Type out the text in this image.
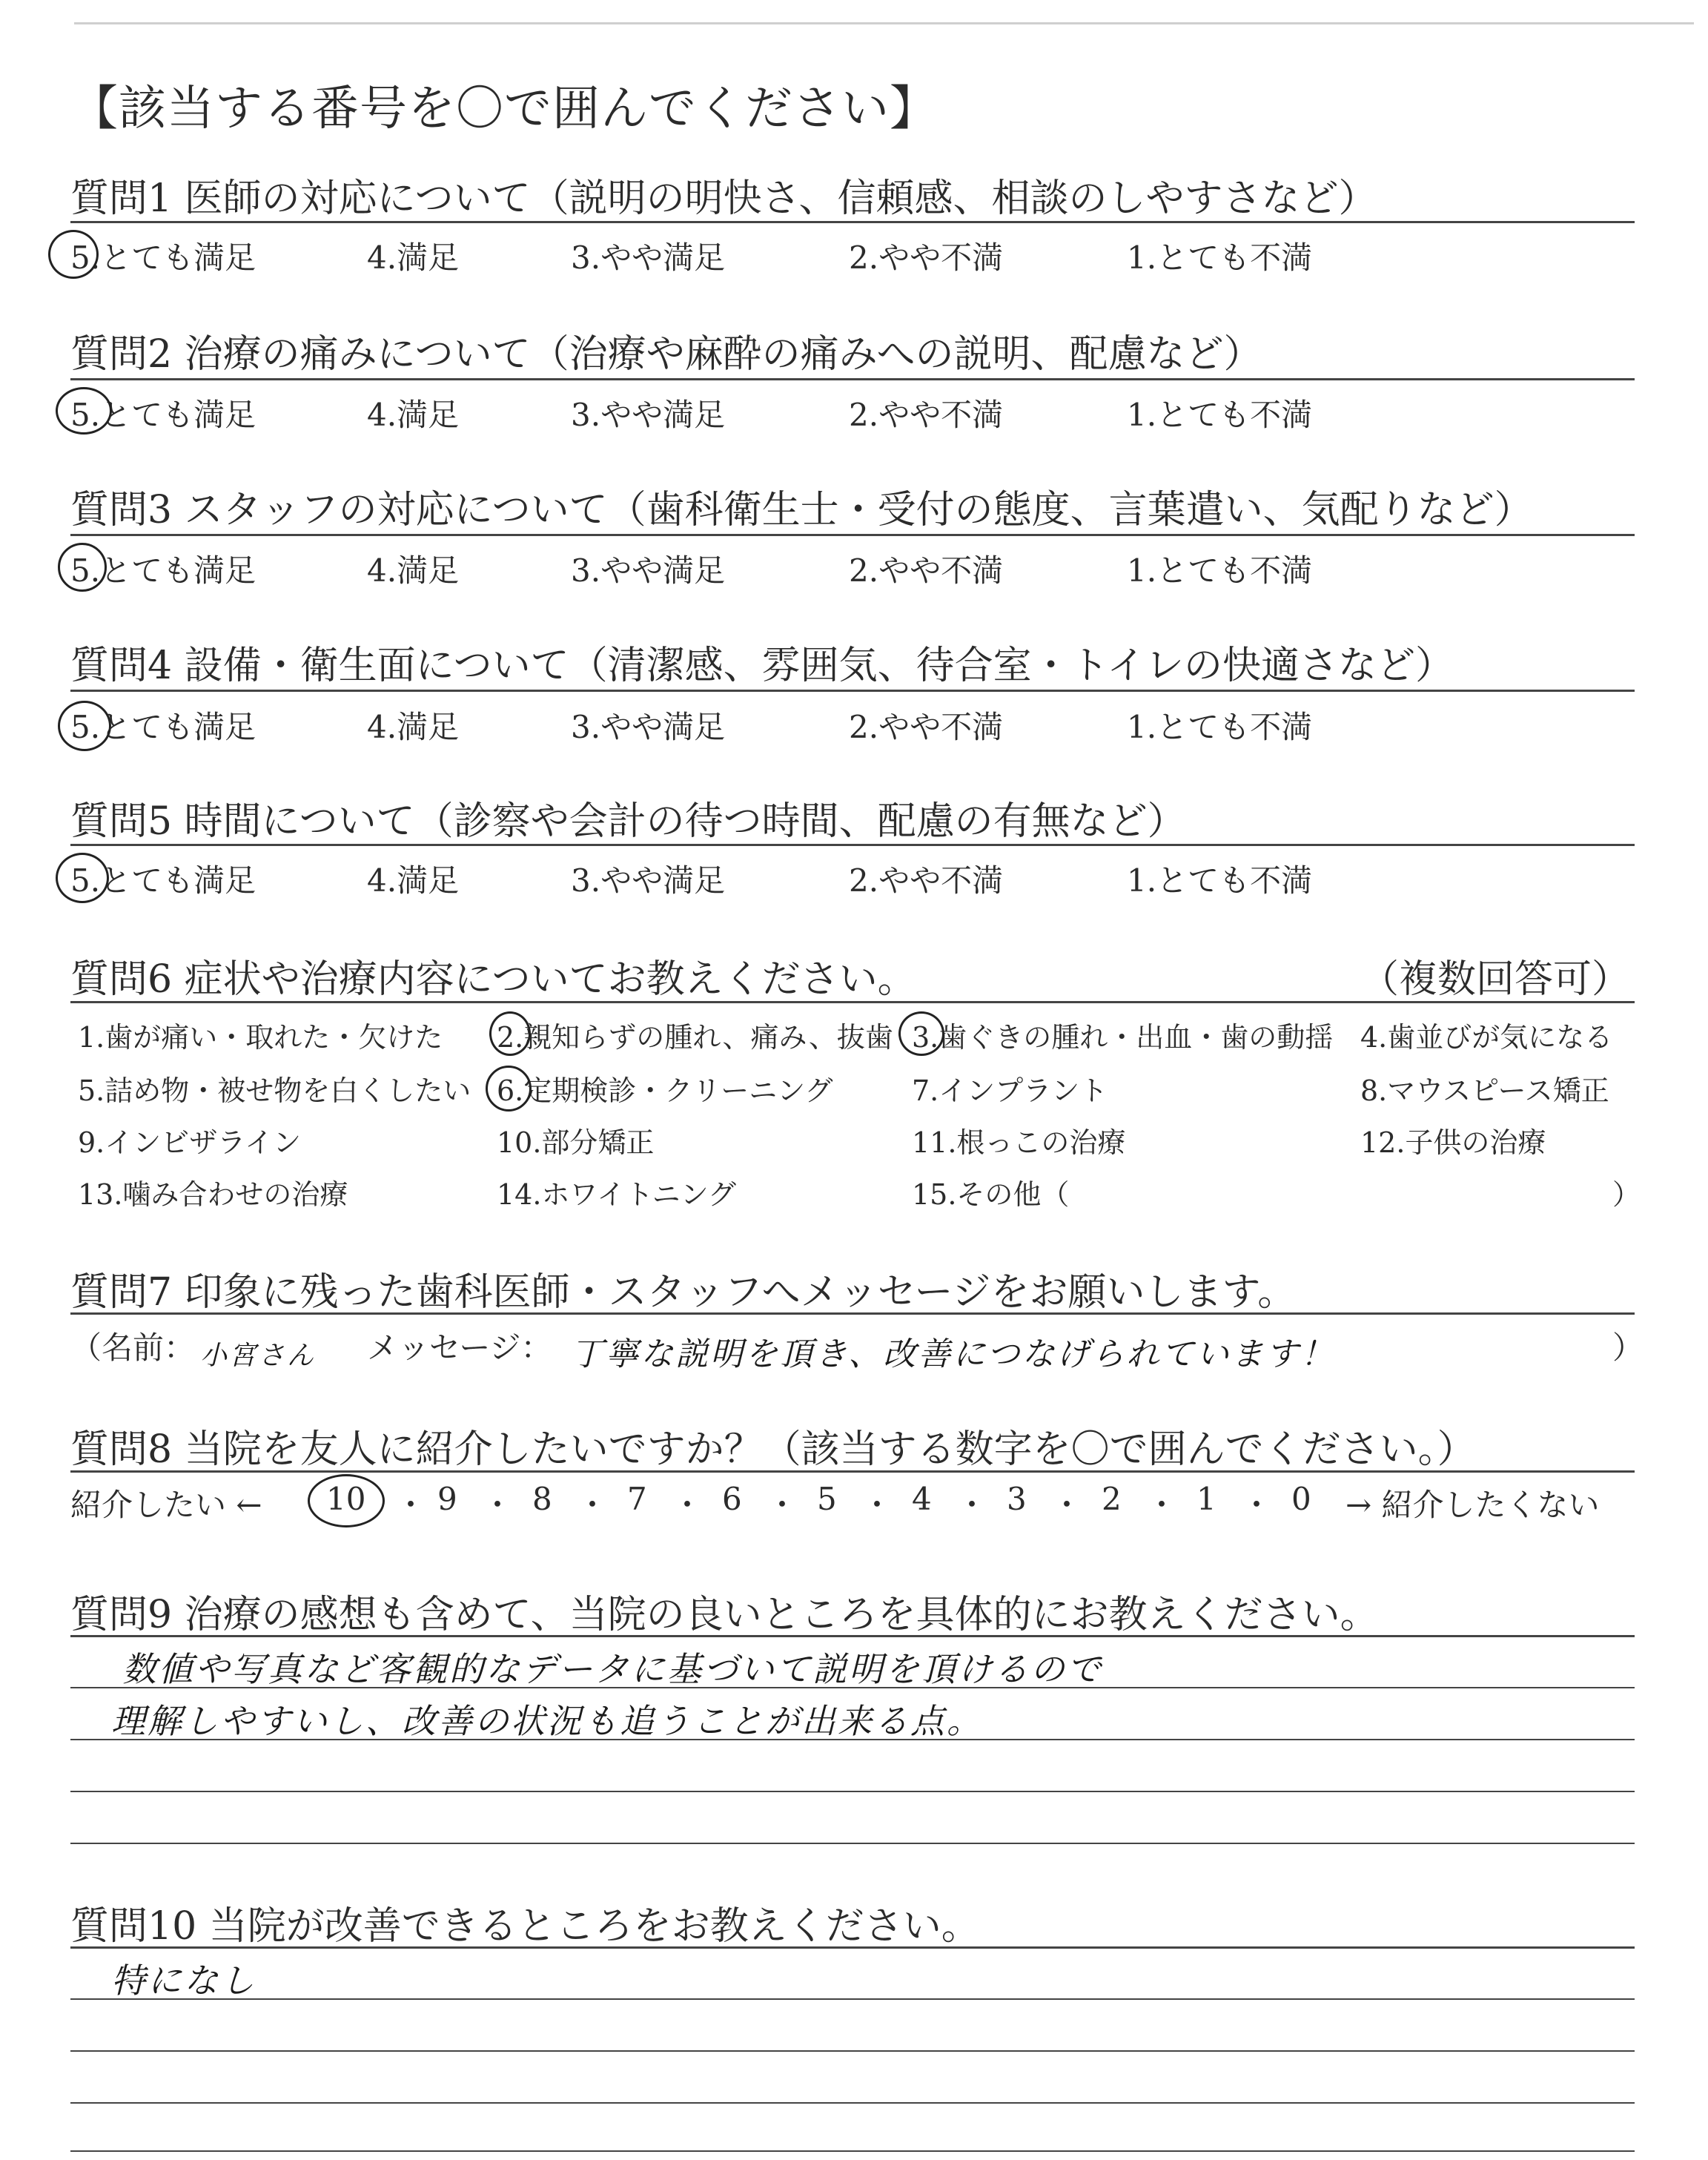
【該当する番号を〇で囲んでください】
質問1 医師の対応について（説明の明快さ、信頼感、相談のしやすさなど）
5.とても満足	4.満足	3.やや満足	2.やや不満	1.とても不満
質問2 治療の痛みについて（治療や麻酔の痛みへの説明、配慮など）
5.とても満足	4.満足	3.やや満足	2.やや不満	1.とても不満
質問3 スタッフの対応について（歯科衛生士・受付の態度、言葉遣い、気配りなど）
5.とても満足	4.満足	3.やや満足	2.やや不満	1.とても不満
質問4 設備・衛生面について（清潔感、雰囲気、待合室・トイレの快適さなど）
5.とても満足	4.満足	3.やや満足	2.やや不満	1.とても不満
質問5 時間について（診察や会計の待つ時間、配慮の有無など）
5.とても満足	4.満足	3.やや満足	2.やや不満	1.とても不満
質問6 症状や治療内容についてお教えください。	（複数回答可）
1.歯が痛い・取れた・欠けた 2.親知らずの腫れ、痛み、抜歯 3.歯ぐきの腫れ・出血・歯の動揺 4.歯並びが気になる
5.詰め物・被せ物を白くしたい 6.定期検診・クリーニング	7.インプラント	8.マウスピース矯正
9.インビザライン	10.部分矯正	11.根っこの治療	12.子供の治療
13.噛み合わせの治療	14.ホワイトニング	15.その他（	）
質問7 印象に残った歯科医師・スタッフへメッセージをお願いします。
（名前： 小宮さん メッセージ： 丁寧な説明を頂き、改善につなげられています！	）
質問8 当院を友人に紹介したいですか？（該当する数字を〇で囲んでください。）
紹介したい ← 10 ・ 9 ・ 8 ・ 7 ・ 6 ・ 5 ・ 4 ・ 3 ・ 2 ・ 1 ・ 0 → 紹介したくない
質問9 治療の感想も含めて、当院の良いところを具体的にお教えください。
数値や写真など客観的なデータに基づいて説明を頂けるので
理解しやすいし、改善の状況も追うことが出来る点。
質問10 当院が改善できるところをお教えください。
特になし
